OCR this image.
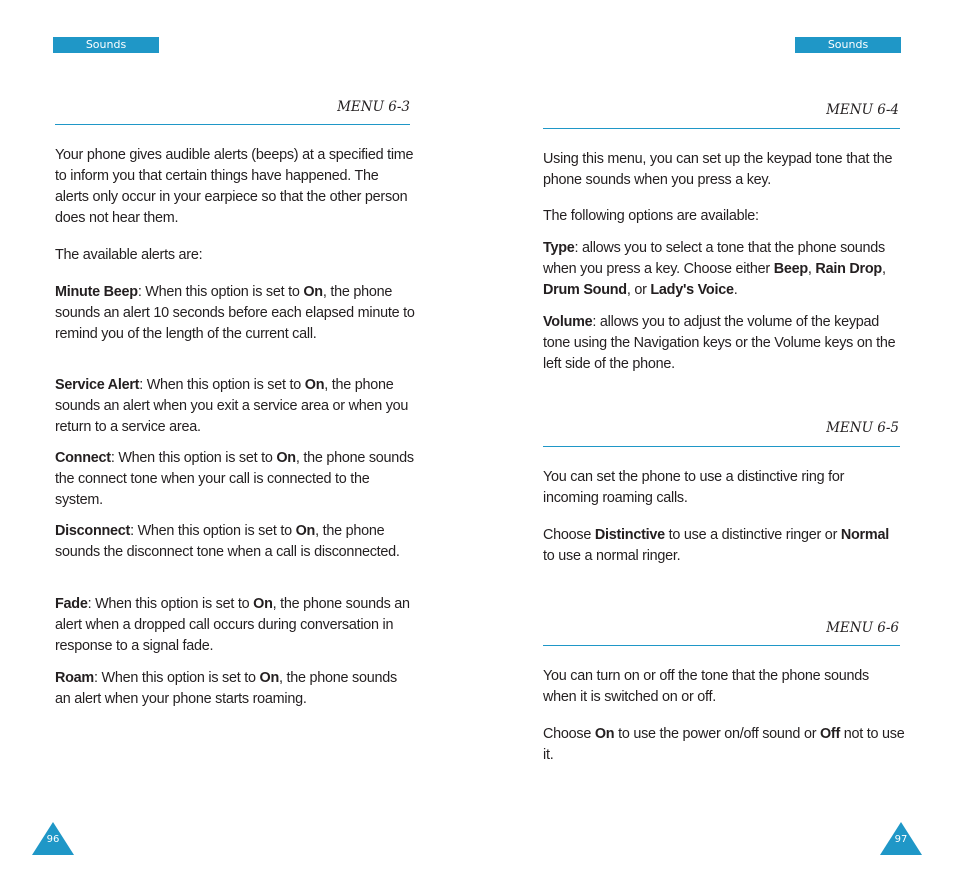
Sounds
MENU 6-3
Your phone gives audible alerts (beeps) at a specified time to inform you that certain things have happened. The alerts only occur in your earpiece so that the other person does not hear them.
The available alerts are:
Minute Beep: When this option is set to On, the phone sounds an alert 10 seconds before each elapsed minute to remind you of the length of the current call.
Service Alert: When this option is set to On, the phone sounds an alert when you exit a service area or when you return to a service area.
Connect: When this option is set to On, the phone sounds the connect tone when your call is connected to the system.
Disconnect: When this option is set to On, the phone sounds the disconnect tone when a call is disconnected.
Fade: When this option is set to On, the phone sounds an alert when a dropped call occurs during conversation in response to a signal fade.
Roam: When this option is set to On, the phone sounds an alert when your phone starts roaming.
96
Sounds
MENU 6-4
Using this menu, you can set up the keypad tone that the phone sounds when you press a key.
The following options are available:
Type: allows you to select a tone that the phone sounds when you press a key. Choose either Beep, Rain Drop, Drum Sound, or Lady's Voice.
Volume: allows you to adjust the volume of the keypad tone using the Navigation keys or the Volume keys on the left side of the phone.
MENU 6-5
You can set the phone to use a distinctive ring for incoming roaming calls.
Choose Distinctive to use a distinctive ringer or Normal to use a normal ringer.
MENU 6-6
You can turn on or off the tone that the phone sounds when it is switched on or off.
Choose On to use the power on/off sound or Off not to use it.
97
